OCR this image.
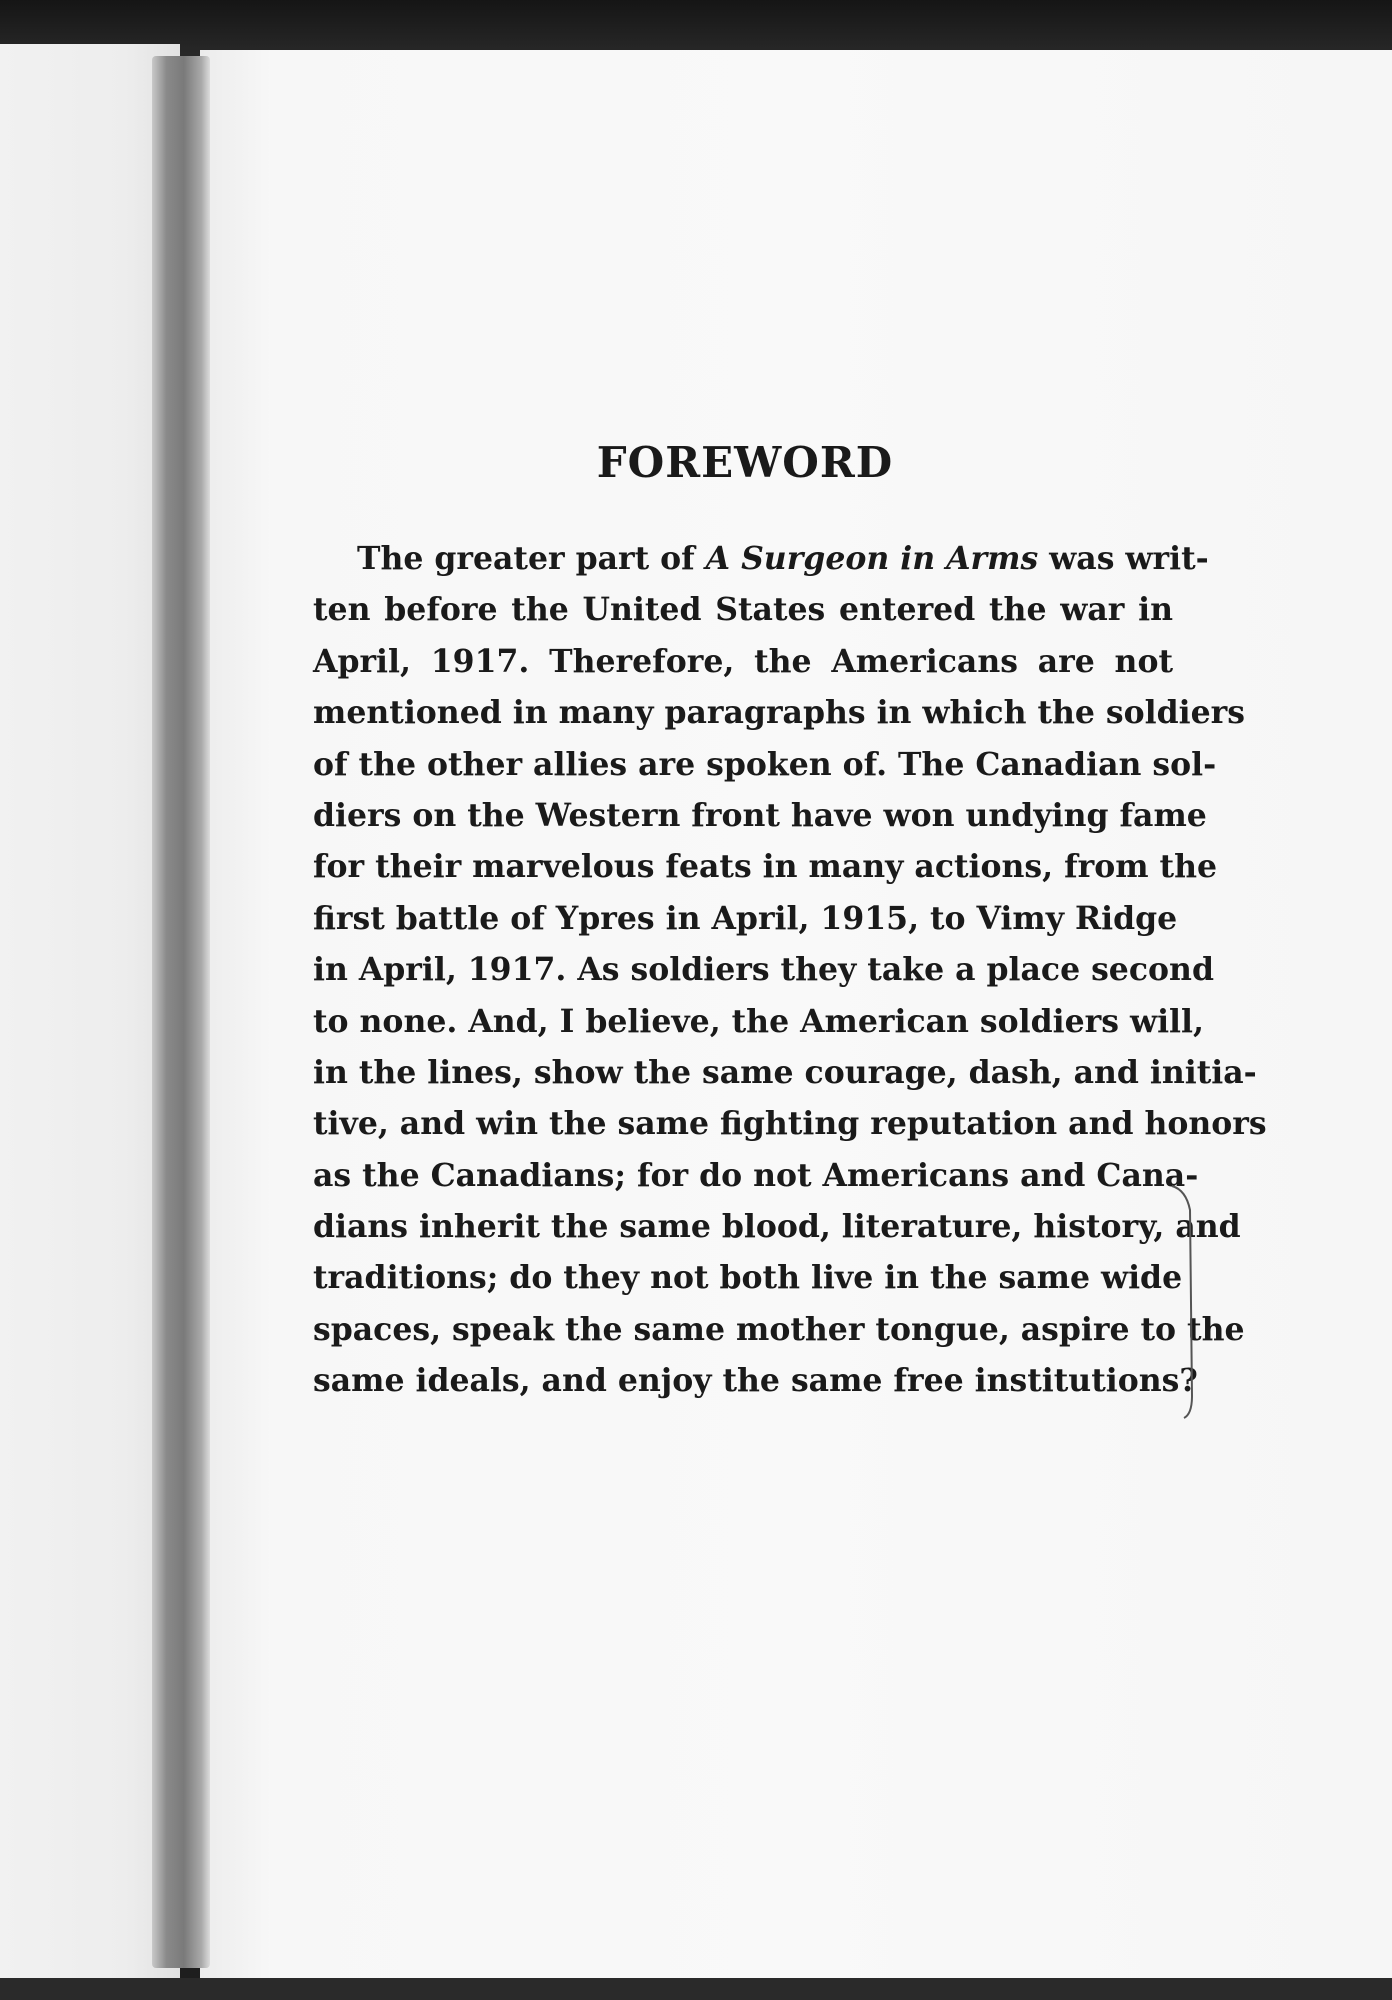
FOREWORD
The greater part of A Surgeon in Arms was writ-
ten before the United States entered the war in
April, 1917. Therefore, the Americans are not
mentioned in many paragraphs in which the soldiers
of the other allies are spoken of. The Canadian sol-
diers on the Western front have won undying fame
for their marvelous feats in many actions, from the
first battle of Ypres in April, 1915, to Vimy Ridge
in April, 1917. As soldiers they take a place second
to none. And, I believe, the American soldiers will,
in the lines, show the same courage, dash, and initia-
tive, and win the same fighting reputation and honors
as the Canadians; for do not Americans and Cana-
dians inherit the same blood, literature, history, and
traditions; do they not both live in the same wide
spaces, speak the same mother tongue, aspire to the
same ideals, and enjoy the same free institutions?
